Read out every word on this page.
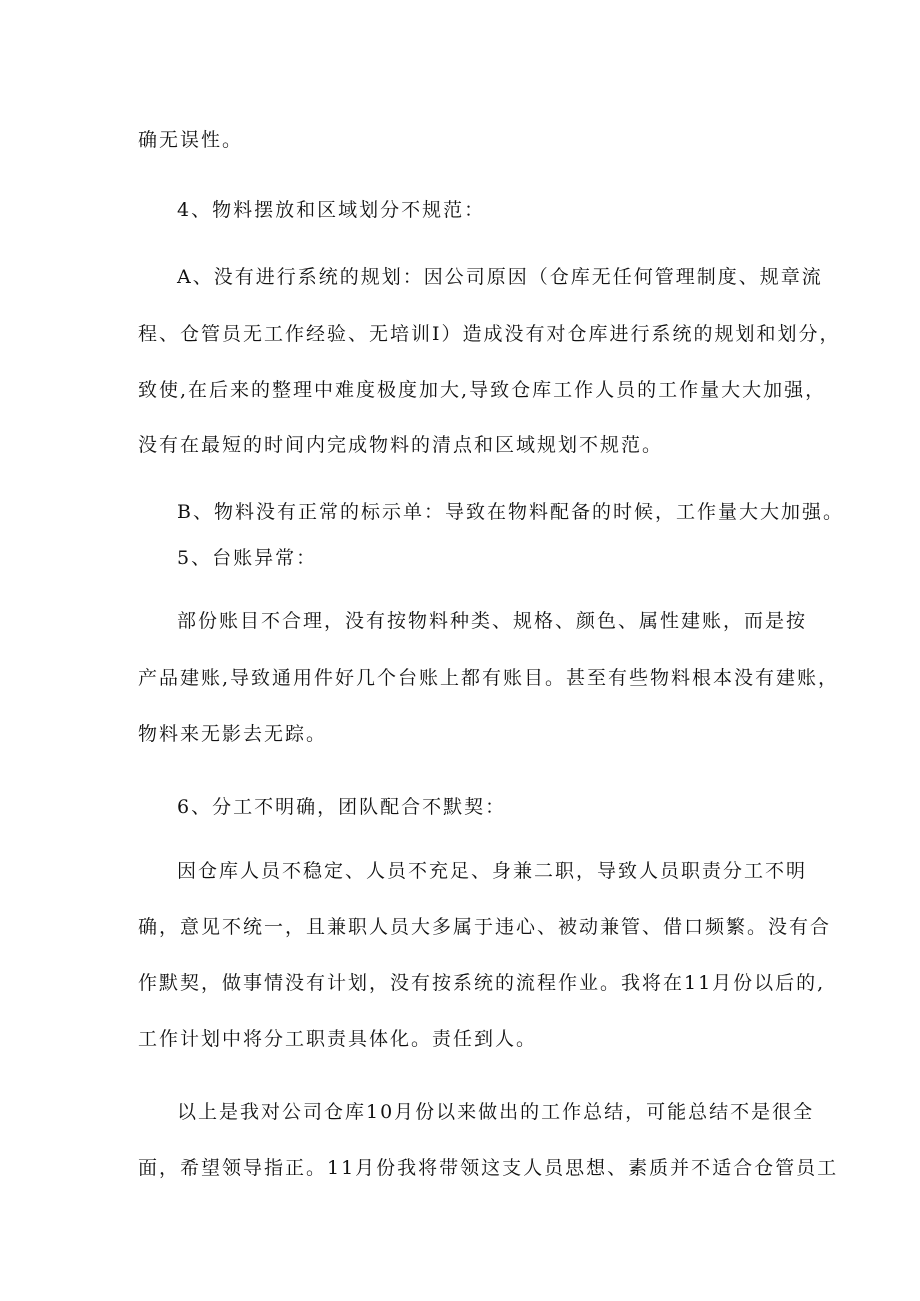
确无误性。
4、物料摆放和区域划分不规范：
A、没有进行系统的规划：因公司原因（仓库无任何管理制度、规章流
程、仓管员无工作经验、无培训I）造成没有对仓库进行系统的规划和划分，
致使,在后来的整理中难度极度加大,导致仓库工作人员的工作量大大加强，
没有在最短的时间内完成物料的清点和区域规划不规范。
B、物料没有正常的标示单：导致在物料配备的时候，工作量大大加强。
5、台账异常：
部份账目不合理，没有按物料种类、规格、颜色、属性建账，而是按
产品建账,导致通用件好几个台账上都有账目。甚至有些物料根本没有建账，
物料来无影去无踪。
6、分工不明确，团队配合不默契：
因仓库人员不稳定、人员不充足、身兼二职，导致人员职责分工不明
确，意见不统一，且兼职人员大多属于违心、被动兼管、借口频繁。没有合
作默契，做事情没有计划，没有按系统的流程作业。我将在11月份以后的,
工作计划中将分工职责具体化。责任到人。
以上是我对公司仓库10月份以来做出的工作总结，可能总结不是很全
面，希望领导指正。11月份我将带领这支人员思想、素质并不适合仓管员工
